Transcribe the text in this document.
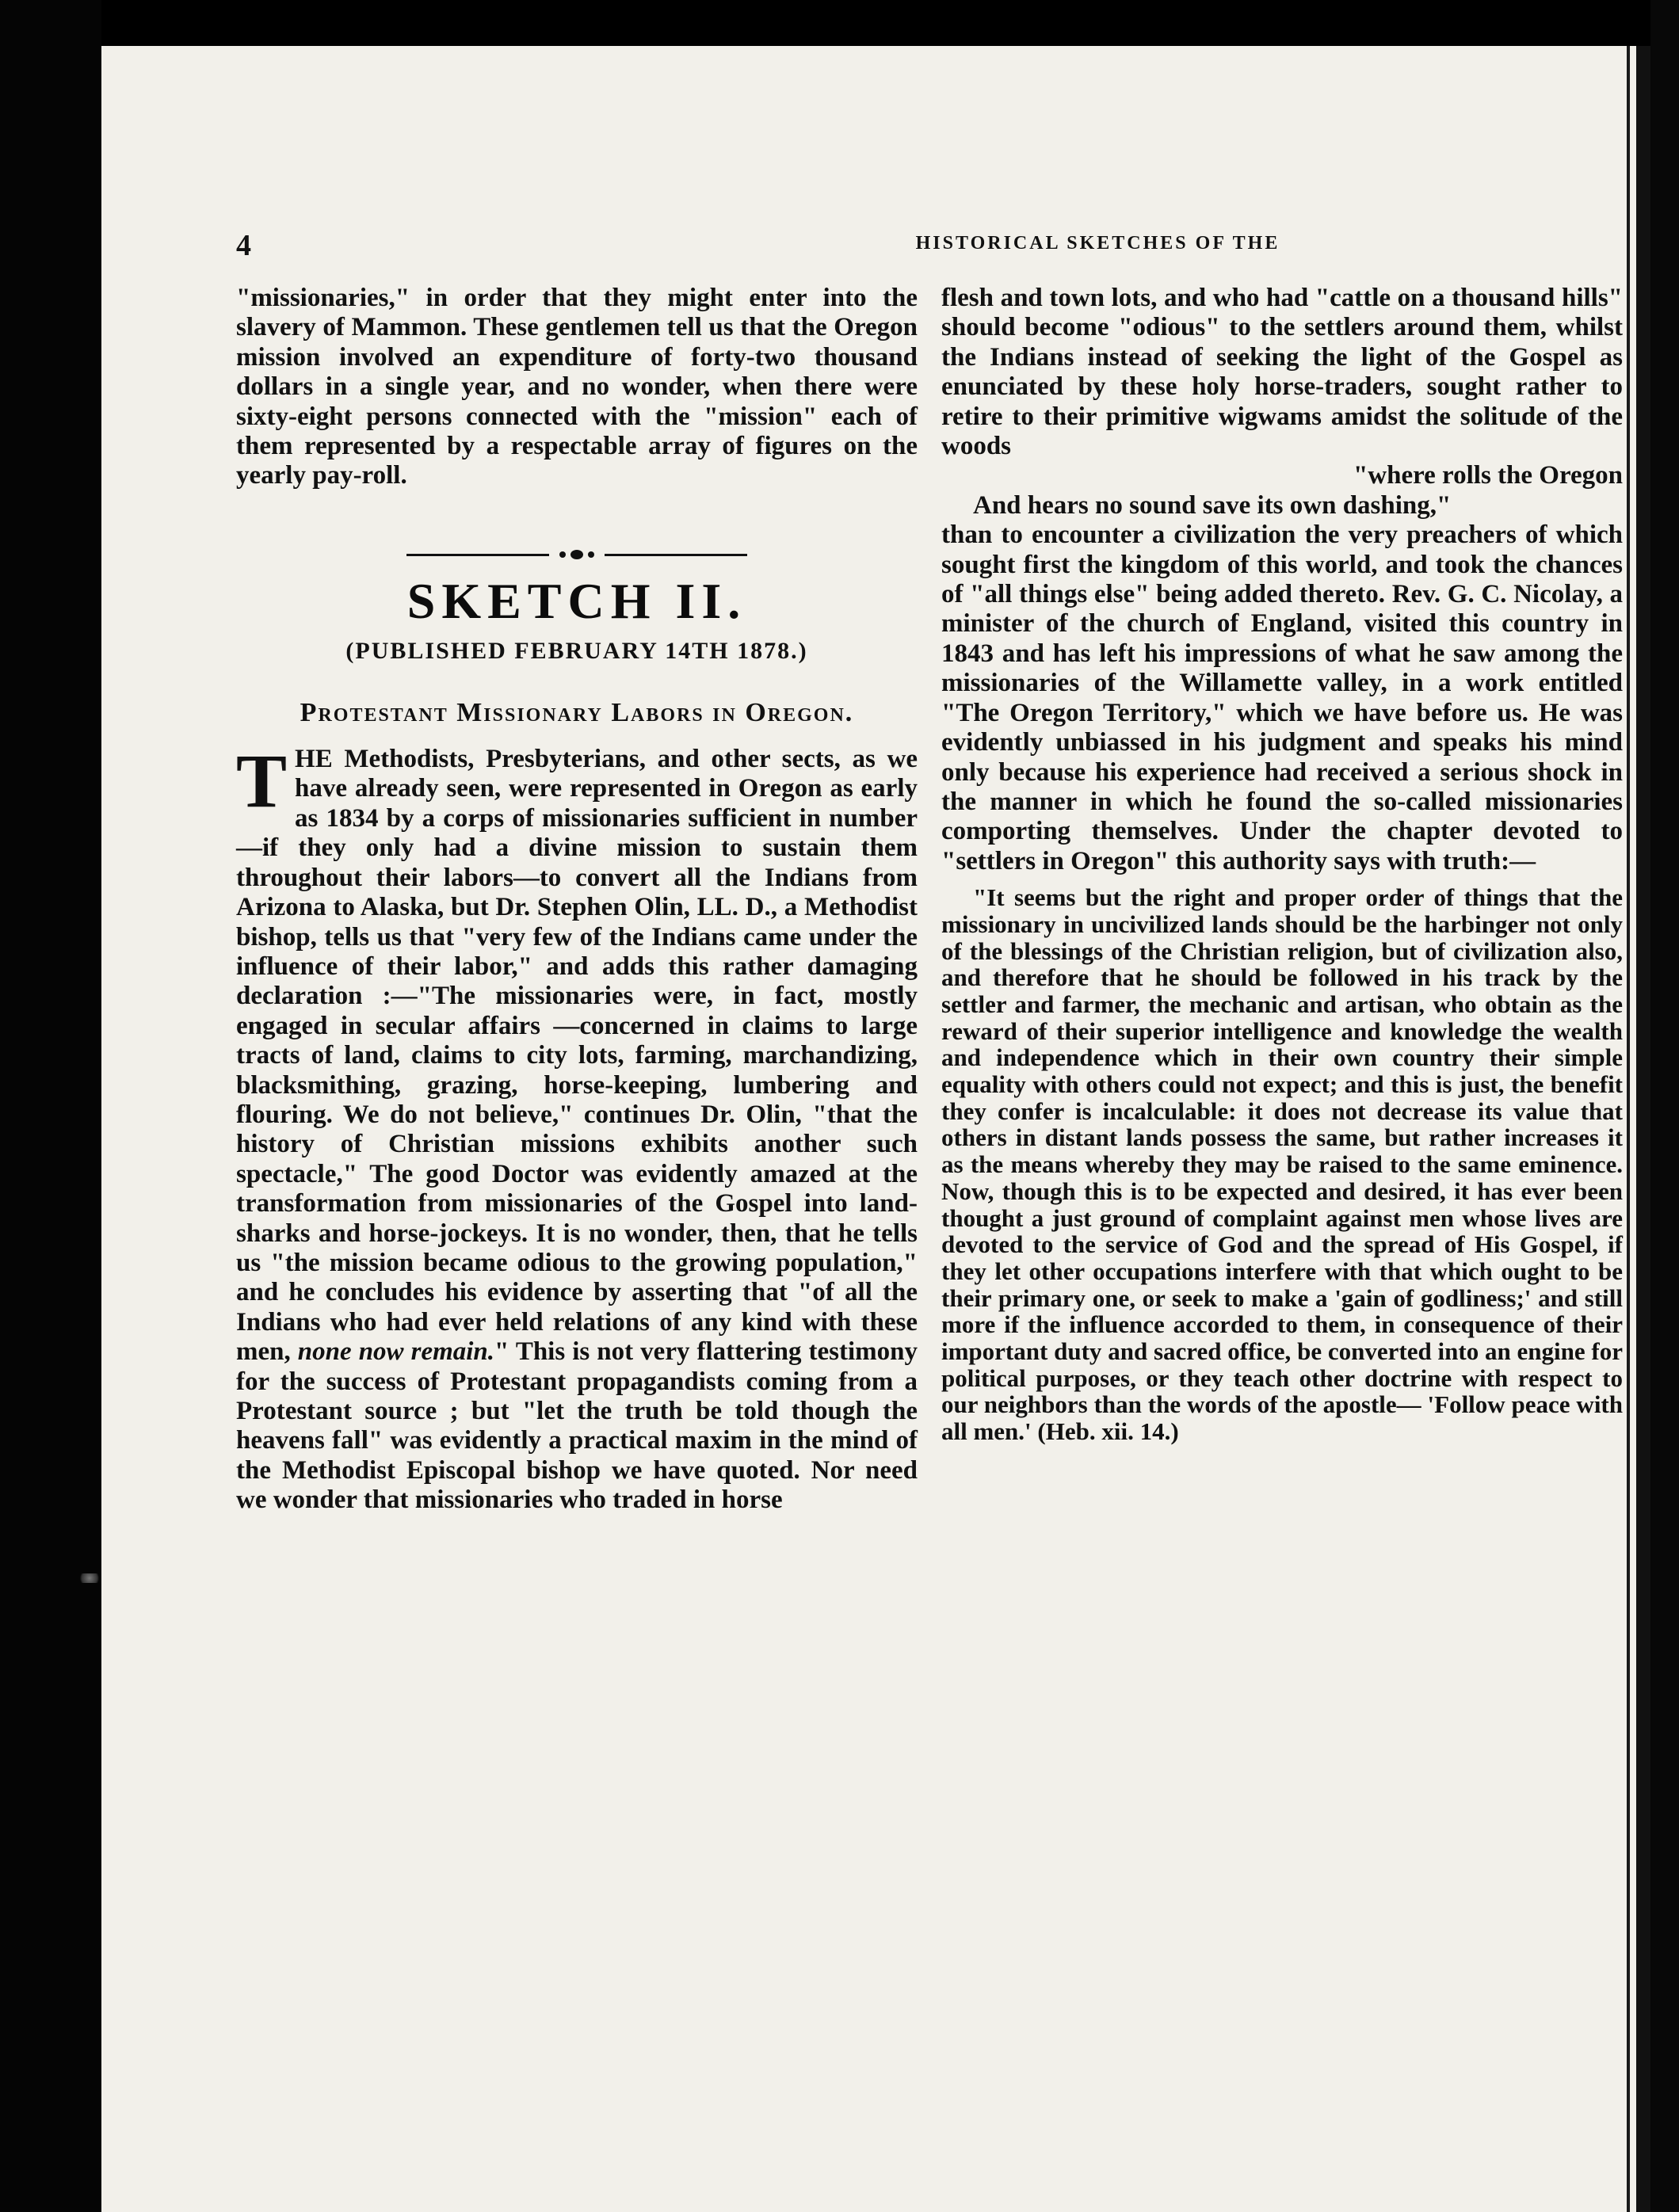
4	HISTORICAL SKETCHES OF THE

"missionaries," in order that they might enter into the slavery of Mammon. These gentlemen tell us that the Oregon mission involved an expenditure of forty-two thousand dollars in a single year, and no wonder, when there were sixty-eight persons connected with the "mission" each of them represented by a respectable array of figures on the yearly pay-roll.

SKETCH II.
(PUBLISHED FEBRUARY 14TH 1878.)
Protestant Missionary Labors in Oregon.

THE Methodists, Presbyterians, and other sects, as we have already seen, were represented in Oregon as early as 1834 by a corps of missionaries sufficient in number—if they only had a divine mission to sustain them throughout their labors—to convert all the Indians from Arizona to Alaska, but Dr. Stephen Olin, LL. D., a Methodist bishop, tells us that "very few of the Indians came under the influence of their labor," and adds this rather damaging declaration :—"The missionaries were, in fact, mostly engaged in secular affairs —concerned in claims to large tracts of land, claims to city lots, farming, marchandizing, blacksmithing, grazing, horse-keeping, lumbering and flouring. We do not believe," continues Dr. Olin, "that the history of Christian missions exhibits another such spectacle," The good Doctor was evidently amazed at the transformation from missionaries of the Gospel into land-sharks and horse-jockeys. It is no wonder, then, that he tells us "the mission became odious to the growing population," and he concludes his evidence by asserting that "of all the Indians who had ever held relations of any kind with these men, none now remain." This is not very flattering testimony for the success of Protestant propagandists coming from a Protestant source ; but "let the truth be told though the heavens fall" was evidently a practical maxim in the mind of the Methodist Episcopal bishop we have quoted. Nor need we wonder that missionaries who traded in horse

flesh and town lots, and who had "cattle on a thousand hills" should become "odious" to the settlers around them, whilst the Indians instead of seeking the light of the Gospel as enunciated by these holy horse-traders, sought rather to retire to their primitive wigwams amidst the solitude of the woods

"where rolls the Oregon

And hears no sound save its own dashing,"

than to encounter a civilization the very preachers of which sought first the kingdom of this world, and took the chances of "all things else" being added thereto. Rev. G. C. Nicolay, a minister of the church of England, visited this country in 1843 and has left his impressions of what he saw among the missionaries of the Willamette valley, in a work entitled "The Oregon Territory," which we have before us. He was evidently unbiassed in his judgment and speaks his mind only because his experience had received a serious shock in the manner in which he found the so-called missionaries comporting themselves. Under the chapter devoted to "settlers in Oregon" this authority says with truth:—

"It seems but the right and proper order of things that the missionary in uncivilized lands should be the harbinger not only of the blessings of the Christian religion, but of civilization also, and therefore that he should be followed in his track by the settler and farmer, the mechanic and artisan, who obtain as the reward of their superior intelligence and knowledge the wealth and independence which in their own country their simple equality with others could not expect; and this is just, the benefit they confer is incalculable: it does not decrease its value that others in distant lands possess the same, but rather increases it as the means whereby they may be raised to the same eminence. Now, though this is to be expected and desired, it has ever been thought a just ground of complaint against men whose lives are devoted to the service of God and the spread of His Gospel, if they let other occupations interfere with that which ought to be their primary one, or seek to make a 'gain of godliness;' and still more if the influence accorded to them, in consequence of their important duty and sacred office, be converted into an engine for political purposes, or they teach other doctrine with respect to our neighbors than the words of the apostle— 'Follow peace with all men.' (Heb. xii. 14.)
